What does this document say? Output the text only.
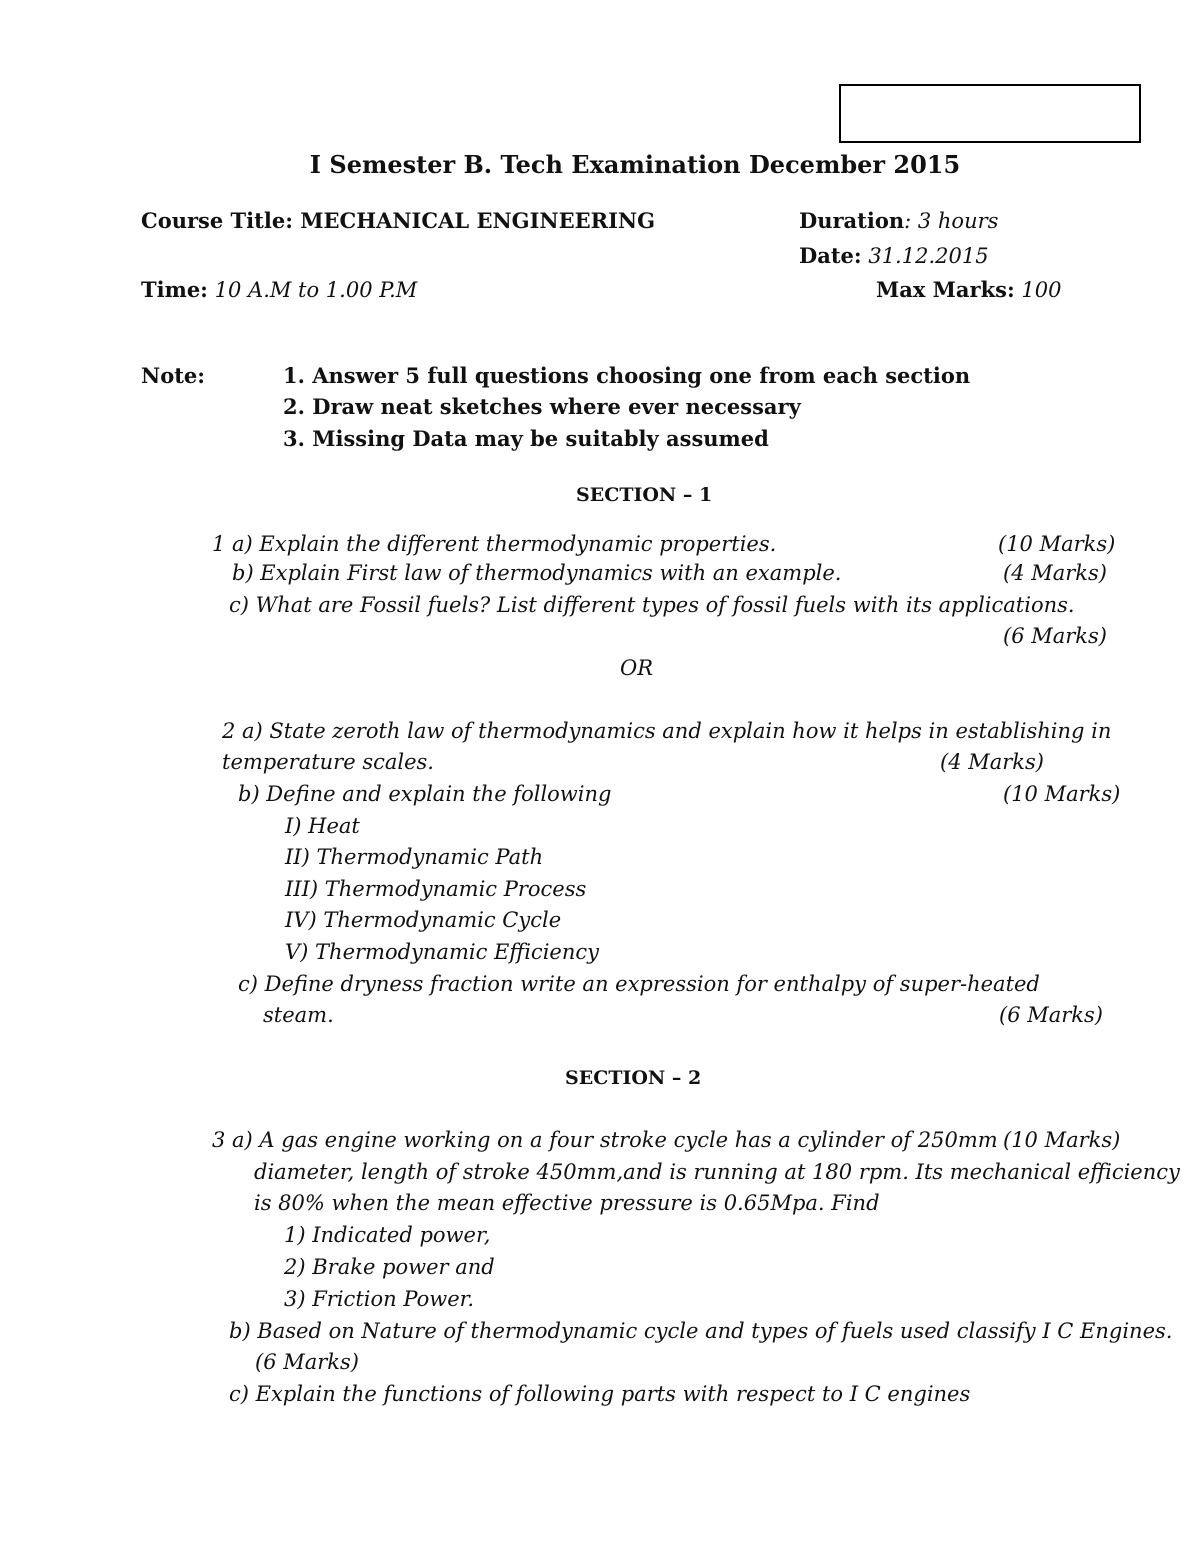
I Semester B. Tech Examination December 2015
Course Title: MECHANICAL ENGINEERING	Duration: 3 hours
Date: 31.12.2015
Time: 10 A.M to 1.00 P.M	Max Marks: 100
Note:	1. Answer 5 full questions choosing one from each section
2. Draw neat sketches where ever necessary
3. Missing Data may be suitably assumed
SECTION – 1
1 a) Explain the different thermodynamic properties.	(10 Marks)
b) Explain First law of thermodynamics with an example.	(4 Marks)
c) What are Fossil fuels? List different types of fossil fuels with its applications.
(6 Marks)
OR
2 a) State zeroth law of thermodynamics and explain how it helps in establishing in
temperature scales.	(4 Marks)
b) Define and explain the following	(10 Marks)
I) Heat
II) Thermodynamic Path
III) Thermodynamic Process
IV) Thermodynamic Cycle
V) Thermodynamic Efficiency
c) Define dryness fraction write an expression for enthalpy of super-heated
steam.	(6 Marks)
SECTION – 2
3 a) A gas engine working on a four stroke cycle has a cylinder of 250mm (10 Marks)
diameter, length of stroke 450mm,and is running at 180 rpm. Its mechanical efficiency
is 80% when the mean effective pressure is 0.65Mpa. Find
1) Indicated power,
2) Brake power and
3) Friction Power.
b) Based on Nature of thermodynamic cycle and types of fuels used classify I C Engines.
(6 Marks)
c) Explain the functions of following parts with respect to I C engines
